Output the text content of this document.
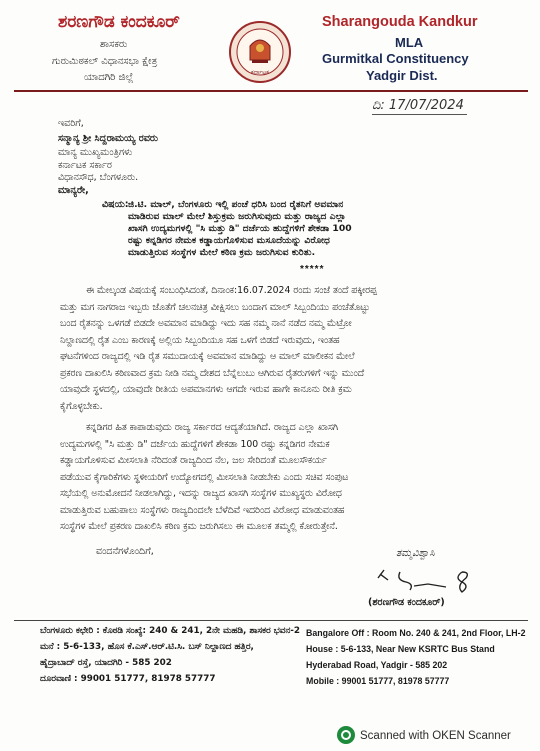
ಶರಣಗೌಡ ಕಂದಕೂರ್
ಶಾಸಕರು
ಗುರುಮಿಠಕಲ್ ವಿಧಾನಸಭಾ ಕ್ಷೇತ್ರ
ಯಾದಗಿರಿ ಜಿಲ್ಲೆ	ಕರ್ನಾಟಕ
Sharangouda Kandkur
MLA
Gurmitkal Constituency
Yadgir Dist.
ದಿ: 17/07/2024
ಇವರಿಗೆ,
ಸನ್ಮಾನ್ಯ ಶ್ರೀ ಸಿದ್ದರಾಮಯ್ಯ ರವರು
ಮಾನ್ಯ ಮುಖ್ಯಮಂತ್ರಿಗಳು
ಕರ್ನಾಟಕ ಸರ್ಕಾರ
ವಿಧಾನಸೌಧ, ಬೆಂಗಳೂರು.
ಮಾನ್ಯರೇ,
ವಿಷಯ: ಜಿ.ಟಿ. ಮಾಲ್, ಬೆಂಗಳೂರು ಇಲ್ಲಿ ಪಂಚೆ ಧರಿಸಿ ಬಂದ ರೈತನಿಗೆ ಅವಮಾನ
ಮಾಡಿರುವ ಮಾಲ್ ಮೇಲೆ ಶಿಸ್ತುಕ್ರಮ ಜರುಗಿಸುವುದು ಮತ್ತು ರಾಜ್ಯದ ಎಲ್ಲಾ
ಖಾಸಗಿ ಉದ್ಯಮಗಳಲ್ಲಿ "ಸಿ ಮತ್ತು ಡಿ" ದರ್ಜೆಯ ಹುದ್ದೆಗಳಿಗೆ ಶೇಕಡಾ 100
ರಷ್ಟು ಕನ್ನಡಿಗರ ನೇಮಕ ಕಡ್ಡಾಯಗೊಳಿಸುವ ಮಸೂದೆಯನ್ನು ವಿರೋಧ
ಮಾಡುತ್ತಿರುವ ಸಂಸ್ಥೆಗಳ ಮೇಲೆ ಕಠಿಣ ಕ್ರಮ ಜರುಗಿಸುವ ಕುರಿತು.
*****
ಈ ಮೇಲ್ಕಂಡ ವಿಷಯಕ್ಕೆ ಸಂಬಂಧಿಸಿದಂತೆ, ದಿನಾಂಕ:16.07.2024 ರಂದು ಸಂಜೆ ತಂದೆ ಪಕ್ಕೀರಪ್ಪ
ಮತ್ತು ಮಗ ನಾಗರಾಜ ಇಬ್ಬರು ಜೊತೆಗೆ ಚಲನಚಿತ್ರ ವೀಕ್ಷಿಸಲು ಬಂದಾಗ ಮಾಲ್ ಸಿಬ್ಬಂದಿಯು ಪಂಚೆತೊಟ್ಟು
ಬಂದ ರೈತನನ್ನು ಒಳಗಡೆ ಬಿಡದೇ ಅವಮಾನ ಮಾಡಿದ್ದು ಇದು ಸಹ ನಮ್ಮ ನಾನೆ ನಡೆದ ನಮ್ಮ ಮೆಟ್ರೋ
ನಿಲ್ದಾಣದಲ್ಲಿ ರೈತ ಎಂಬ ಕಾರಣಕ್ಕೆ ಅಲ್ಲಿಯ ಸಿಬ್ಬಂದಿಯೂ ಸಹ ಒಳಗೆ ಬಿಡದೆ ಇರುವುದು, ಇಂತಹ
ಘಟನೆಗಳಿಂದ ರಾಜ್ಯದಲ್ಲಿ ಇಡಿ ರೈತ ಸಮುದಾಯಕ್ಕೆ ಅವಮಾನ ಮಾಡಿದ್ದು ಆ ಮಾಲ್ ಮಾಲೀಕನ ಮೇಲೆ
ಪ್ರಕರಣ ದಾಖಲಿಸಿ ಕಠಿಣವಾದ ಕ್ರಮ ನೀಡಿ ನಮ್ಮ ದೇಶದ ಬೆನ್ನೆಲುಬು ಆಗಿರುವ ರೈತರುಗಳಿಗೆ ಇನ್ನು ಮುಂದೆ
ಯಾವುದೇ ಸ್ಥಳದಲ್ಲಿ, ಯಾವುದೇ ರೀತಿಯ ಅಪಮಾನಗಳು ಆಗದೇ ಇರುವ ಹಾಗೇ ಕಾನೂನು ರೀತಿ ಕ್ರಮ
ಕೈಗೊಳ್ಳಬೇಕು.
ಕನ್ನಡಿಗರ ಹಿತ ಕಾಪಾಡುವುದು ರಾಜ್ಯ ಸರ್ಕಾರದ ಆದ್ಯತೆಯಾಗಿದೆ. ರಾಜ್ಯದ ಎಲ್ಲಾ ಖಾಸಗಿ
ಉದ್ಯಮಗಳಲ್ಲಿ "ಸಿ ಮತ್ತು ಡಿ" ದರ್ಜೆಯ ಹುದ್ದೆಗಳಿಗೆ ಶೇಕಡಾ 100 ರಷ್ಟು ಕನ್ನಡಿಗರ ನೇಮಕ
ಕಡ್ಡಾಯಗೊಳಿಸುವ ಮೀಸಲಾತಿ ನೆರಿದಂತೆ ರಾಜ್ಯದಿಂದ ನೆಲ, ಜಲ ಸೇರಿದಂತೆ ಮೂಲಸೌಕರ್ಯ
ಪಡೆಯುವ ಕೈಗಾರಿಕೆಗಳು ಸ್ಥಳೀಯರಿಗೆ ಉದ್ಯೋಗದಲ್ಲಿ ಮೀಸಲಾತಿ ನೀಡಬೇಕು ಎಂದು ಸಚಿವ ಸಂಪುಟ
ಸಭೆಯಲ್ಲಿ ಅನುಮೋದನೆ ನೀಡಲಾಗಿದ್ದು, ಇದನ್ನು ರಾಜ್ಯದ ಖಾಸಗಿ ಸಂಸ್ಥೆಗಳ ಮುಖ್ಯಸ್ಥರು ವಿರೋಧ
ಮಾಡುತ್ತಿರುವ ಬಹುಪಾಲು ಸಂಸ್ಥೆಗಳು ರಾಜ್ಯದಿಂದಲೇ ಬೆಳೆದಿವೆ ಇದರಿಂದ ವಿರೋಧ ಮಾಡುವಂತಹ
ಸಂಸ್ಥೆಗಳ ಮೇಲೆ ಪ್ರಕರಣ ದಾಖಲಿಸಿ ಕಠಿಣ ಕ್ರಮ ಜರುಗಿಸಲು ಈ ಮೂಲಕ ತಮ್ಮಲ್ಲಿ ಕೋರುತ್ತೇನೆ.
ವಂದನೆಗಳೊಂದಿಗೆ,	ತಮ್ಮವಿಶ್ವಾಸಿ
(ಶರಣಗೌಡ ಕಂದಕೂರ್)
ಬೆಂಗಳೂರು ಕಛೇರಿ : ಕೊಠಡಿ ಸಂಖ್ಯೆ: 240 & 241, 2ನೇ ಮಹಡಿ, ಶಾಸಕರ ಭವನ-2
ಮನೆ : 5-6-133, ಹೊಸ ಕೆ.ಎಸ್.ಆರ್.ಟಿ.ಸಿ. ಬಸ್ ನಿಲ್ದಾಣದ ಹತ್ತಿರ,
ಹೈದ್ರಾಬಾದ್ ರಸ್ತೆ, ಯಾದಗಿರಿ - 585 202
ದೂರವಾಣಿ : 99001 51777, 81978 57777
Bangalore Off : Room No. 240 & 241, 2nd Floor, LH-2
House : 5-6-133, Near New KSRTC Bus Stand
Hyderabad Road, Yadgir - 585 202
Mobile : 99001 51777, 81978 57777
Scanned with OKEN Scanner
